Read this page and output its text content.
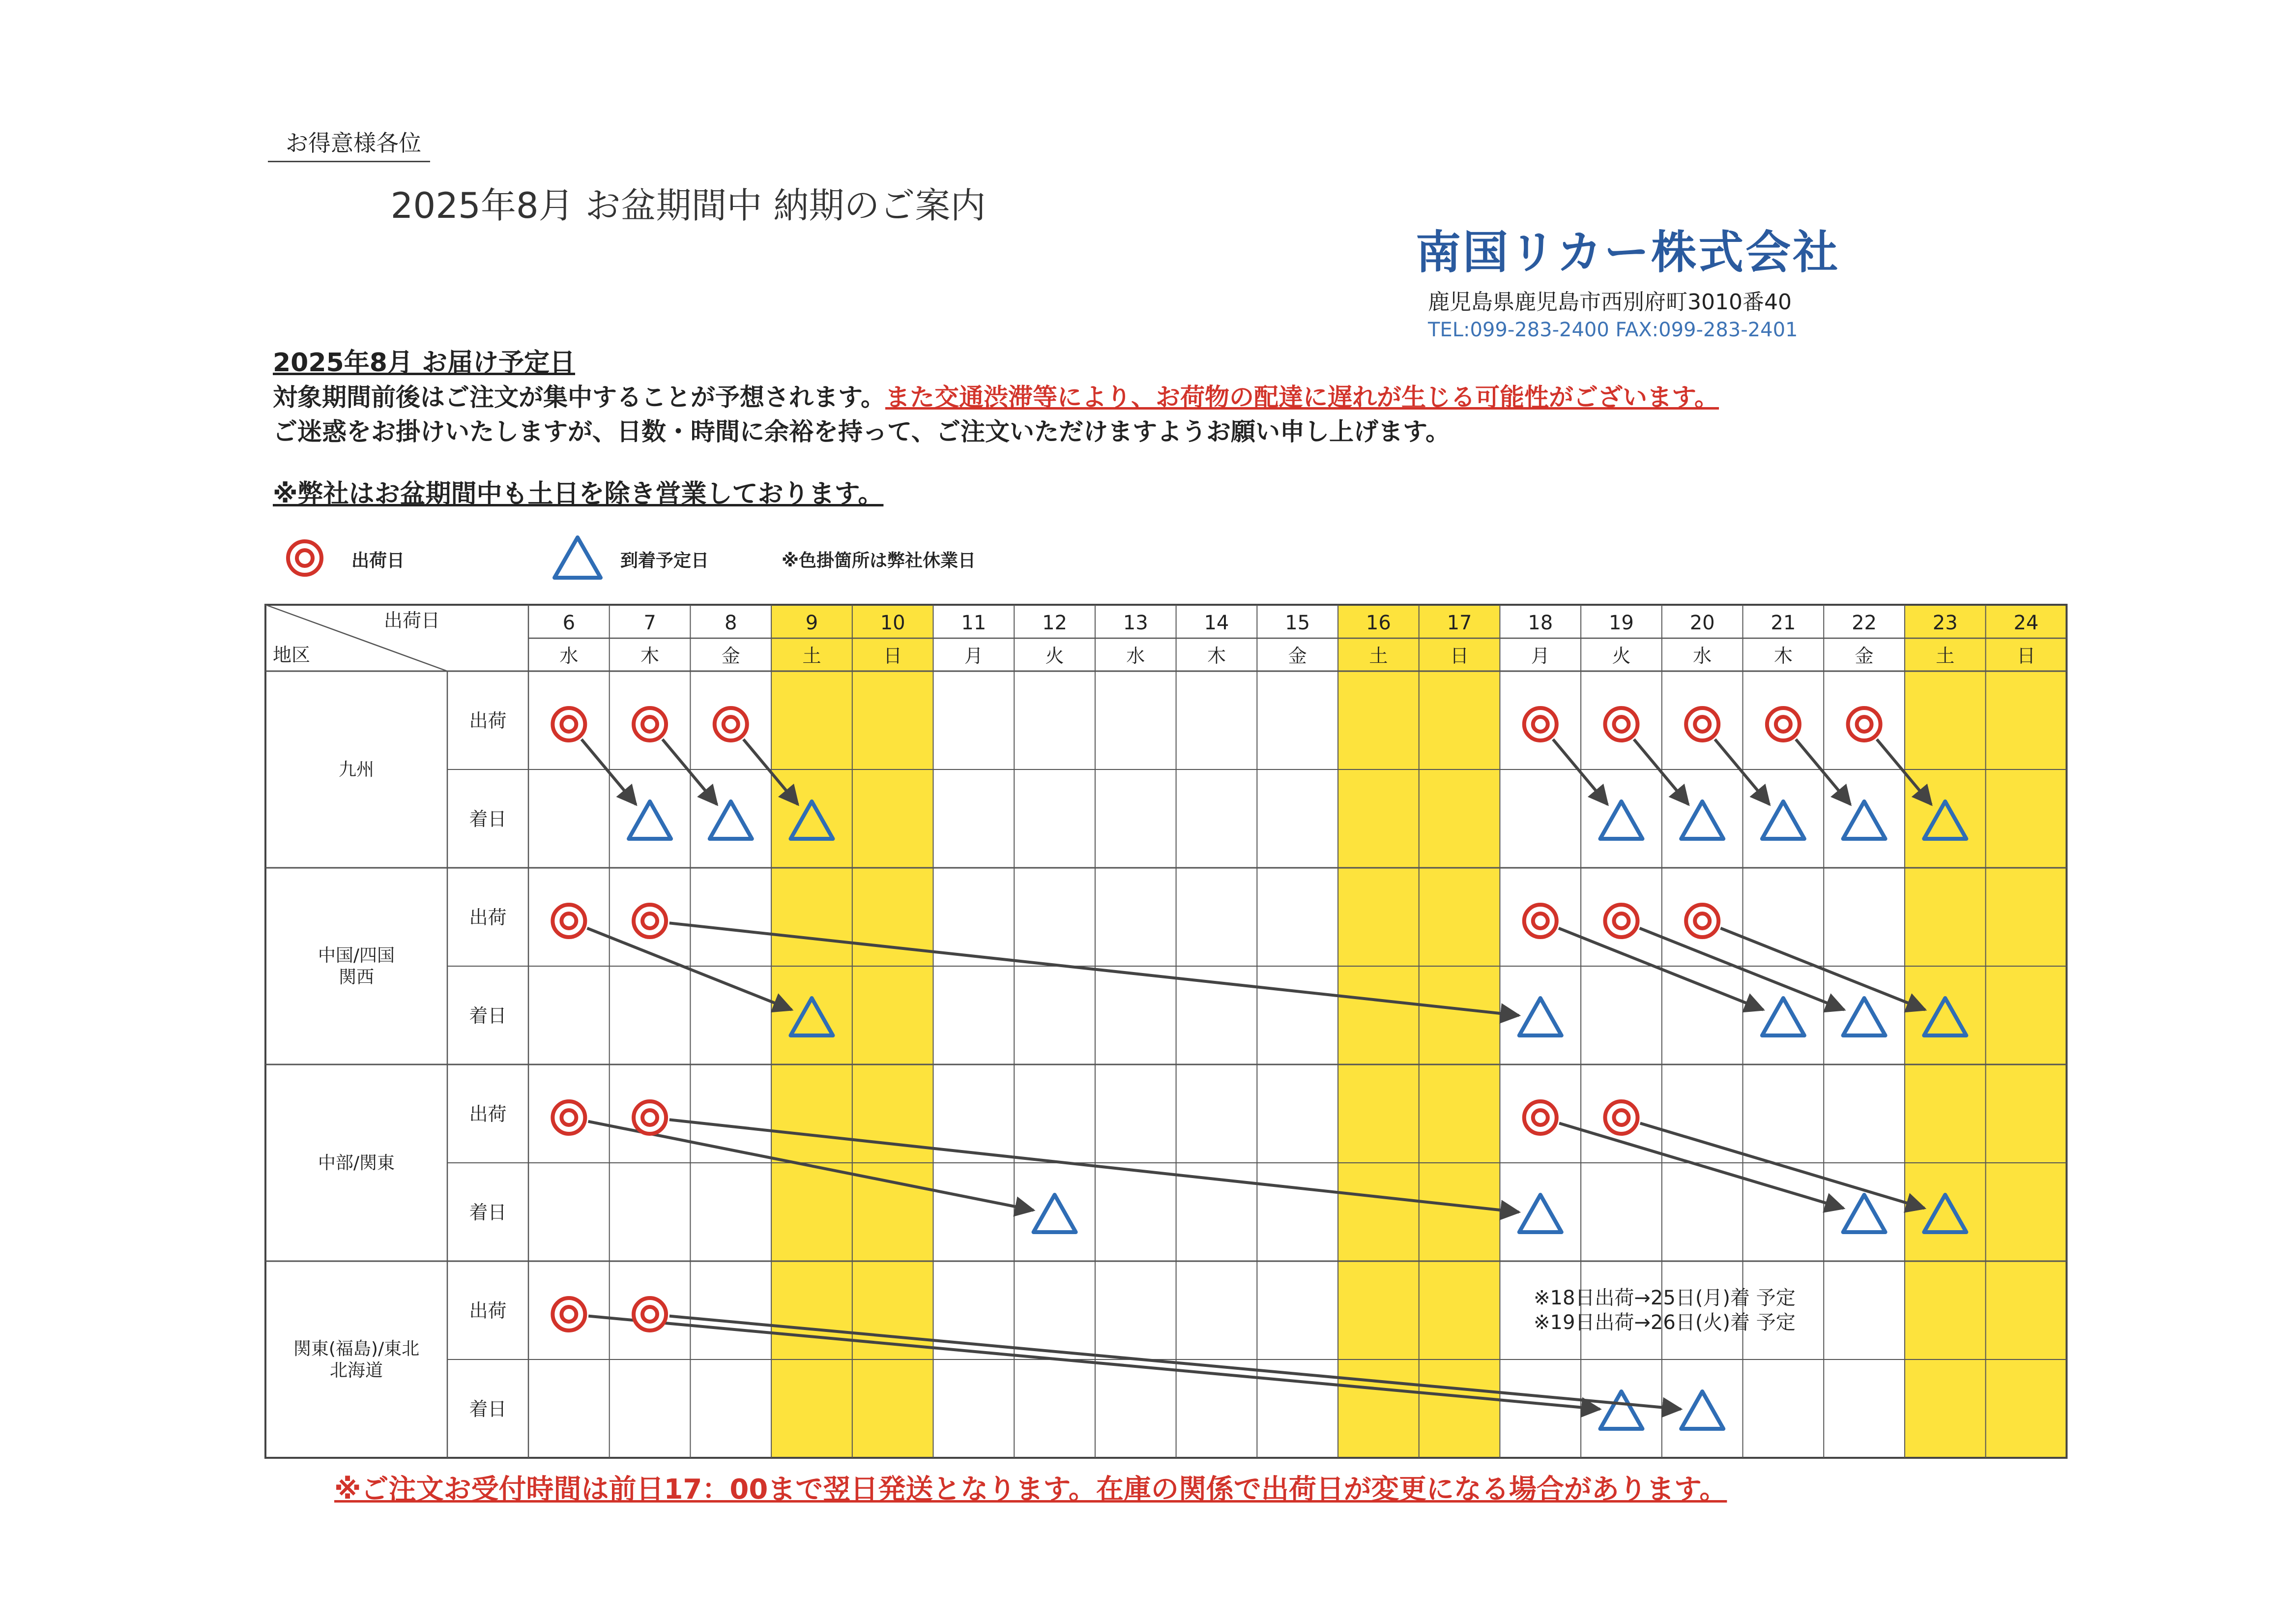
お得意様各位
2025年8月 お盆期間中 納期のご案内
南国リカー株式会社
鹿児島県鹿児島市西別府町3010番40
TEL:099-283-2400 FAX:099-283-2401
2025年8月 お届け予定日
対象期間前後はご注文が集中することが予想されます。また交通渋滞等により、お荷物の配達に遅れが生じる可能性がございます。
ご迷惑をお掛けいたしますが、日数・時間に余裕を持って、ご注文いただけますようお願い申し上げます。
※弊社はお盆期間中も土日を除き営業しております。
出荷日	到着予定日	※色掛箇所は弊社休業日
出荷日
地区
6
水
7
木
8
金
9
土
10
日
11
月
12
火
13
水
14
木
15
金
16
土
17
日
18
月
19
火
20
水
21
木
22
金
23
土
24
日
九州
出荷
着日
中国/四国
関西
出荷
着日
中部/関東
出荷
着日
関東(福島)/東北
北海道
出荷
着日
※18日出荷→25日(月)着 予定
※19日出荷→26日(火)着 予定
※ご注文お受付時間は前日17：00まで翌日発送となります。在庫の関係で出荷日が変更になる場合があります。
